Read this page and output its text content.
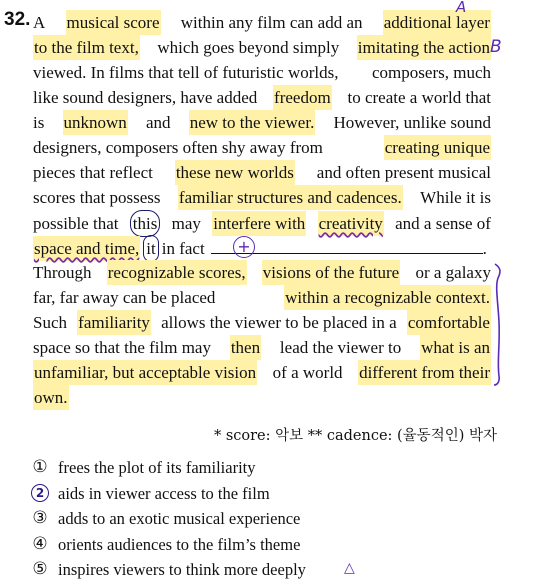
32. A musical score within any film can add an additional layer
to the film text, which goes beyond simply imitating the action
viewed. In films that tell of futuristic worlds, composers, much
like sound designers, have added freedom to create a world that
is unknown and new to the viewer. However, unlike sound
designers, composers often shy away from	creating unique
pieces that reflect these new worlds and often present musical
scores that possess familiar structures and cadences. While it is
possible that this may interfere with creativity and a sense of
space and time, it in fact	.
Through recognizable scores, visions of the future or a galaxy
far, far away can be placed	within a recognizable context.
Such familiarity allows the viewer to be placed in a comfortable
space so that the film may then lead the viewer to what is an
unfamiliar, but acceptable vision of a world different from their
own.
A
B
+
△
* score: 악보 ** cadence: (율동적인) 박자
① frees the plot of its familiarity
2 aids in viewer access to the film
③ adds to an exotic musical experience
④ orients audiences to the film’s theme
⑤ inspires viewers to think more deeply
